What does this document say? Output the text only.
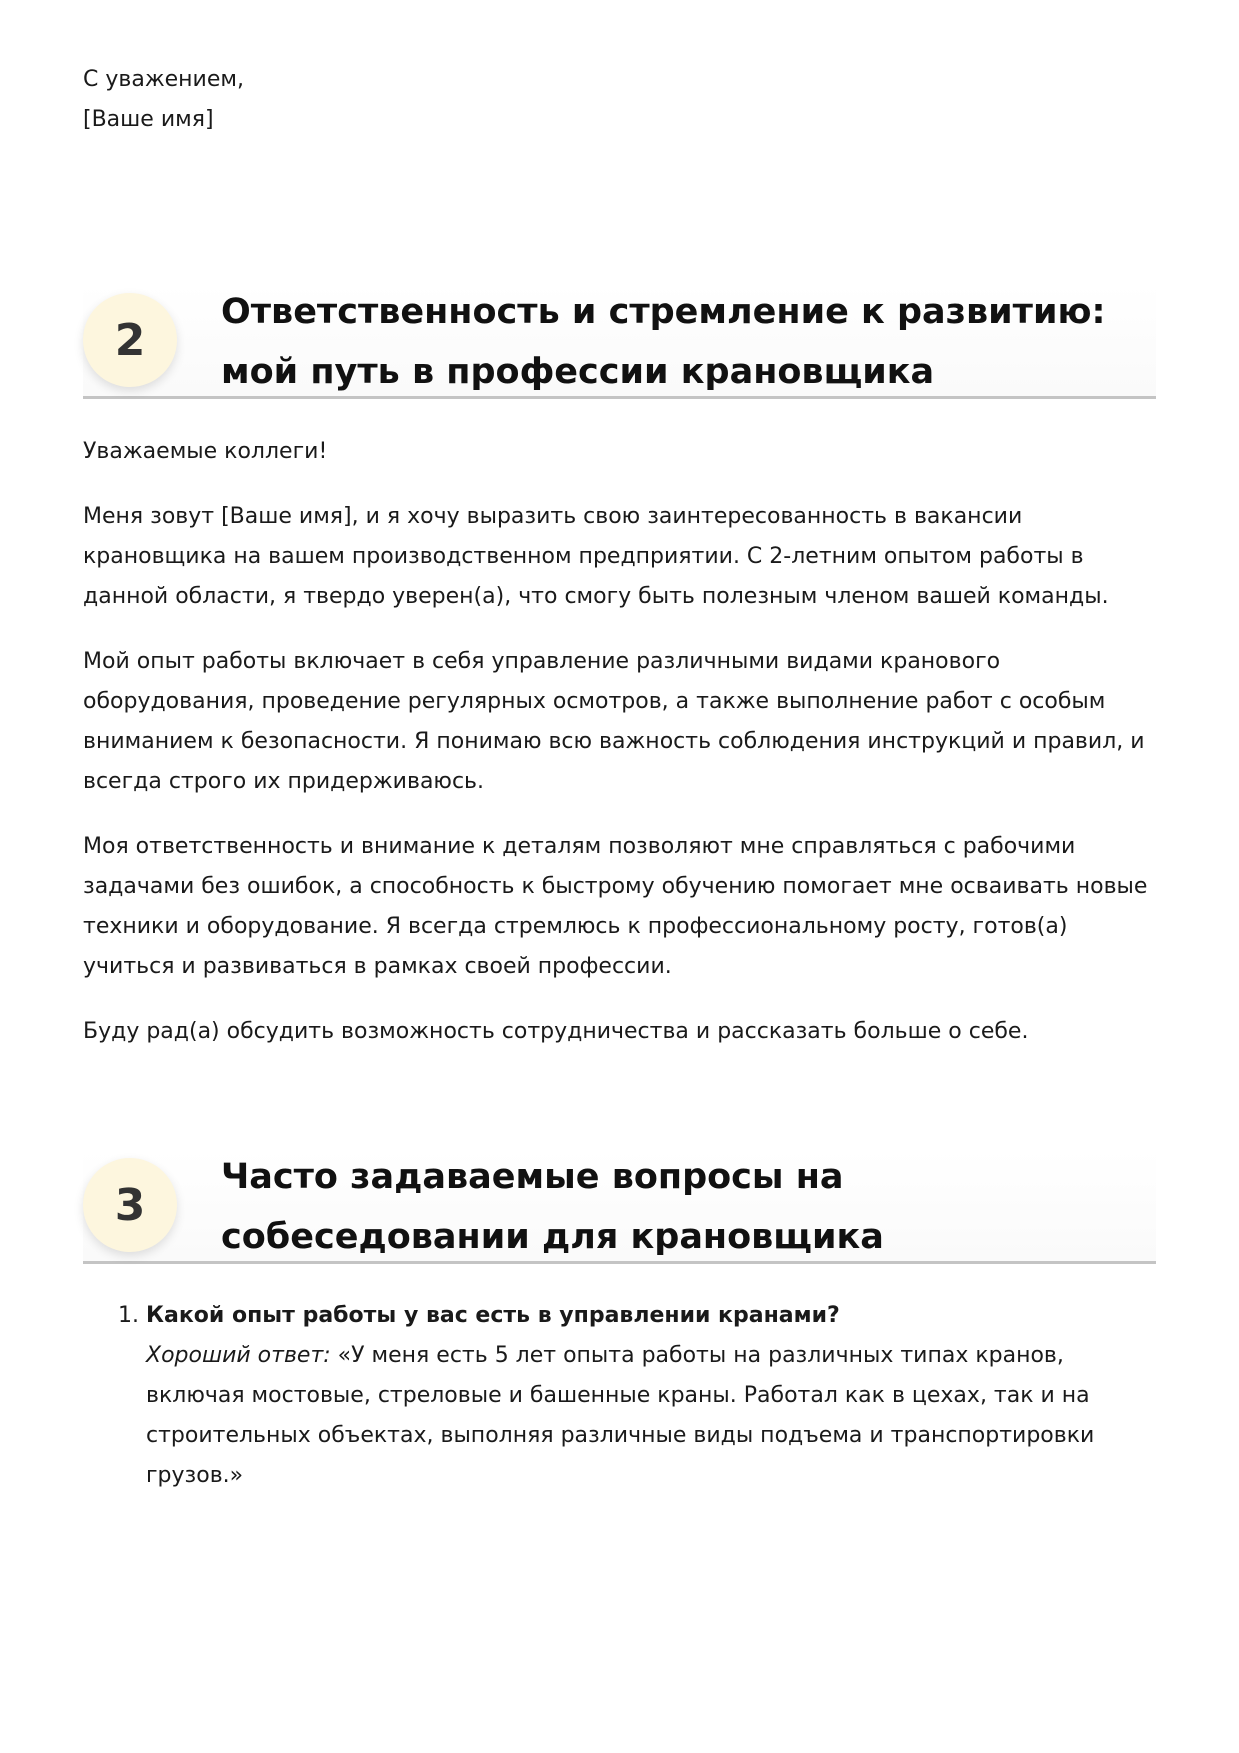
С уважением,
[Ваше имя]
2
Ответственность и стремление к развитию: мой путь в профессии крановщика

Уважаемые коллеги!

Меня зовут [Ваше имя], и я хочу выразить свою заинтересованность в вакансии крановщика на вашем производственном предприятии. С 2-летним опытом работы в данной области, я твердо уверен(а), что смогу быть полезным членом вашей команды.

Мой опыт работы включает в себя управление различными видами кранового оборудования, проведение регулярных осмотров, а также выполнение работ с особым вниманием к безопасности. Я понимаю всю важность соблюдения инструкций и правил, и всегда строго их придерживаюсь.

Моя ответственность и внимание к деталям позволяют мне справляться с рабочими задачами без ошибок, а способность к быстрому обучению помогает мне осваивать новые техники и оборудование. Я всегда стремлюсь к профессиональному росту, готов(а) учиться и развиваться в рамках своей профессии.

Буду рад(а) обсудить возможность сотрудничества и рассказать больше о себе.

3
Часто задаваемые вопросы на собеседовании для крановщика
1. Какой опыт работы у вас есть в управлении кранами?
Хороший ответ: «У меня есть 5 лет опыта работы на различных типах кранов, включая мостовые, стреловые и башенные краны. Работал как в цехах, так и на строительных объектах, выполняя различные виды подъема и транспортировки грузов.»
